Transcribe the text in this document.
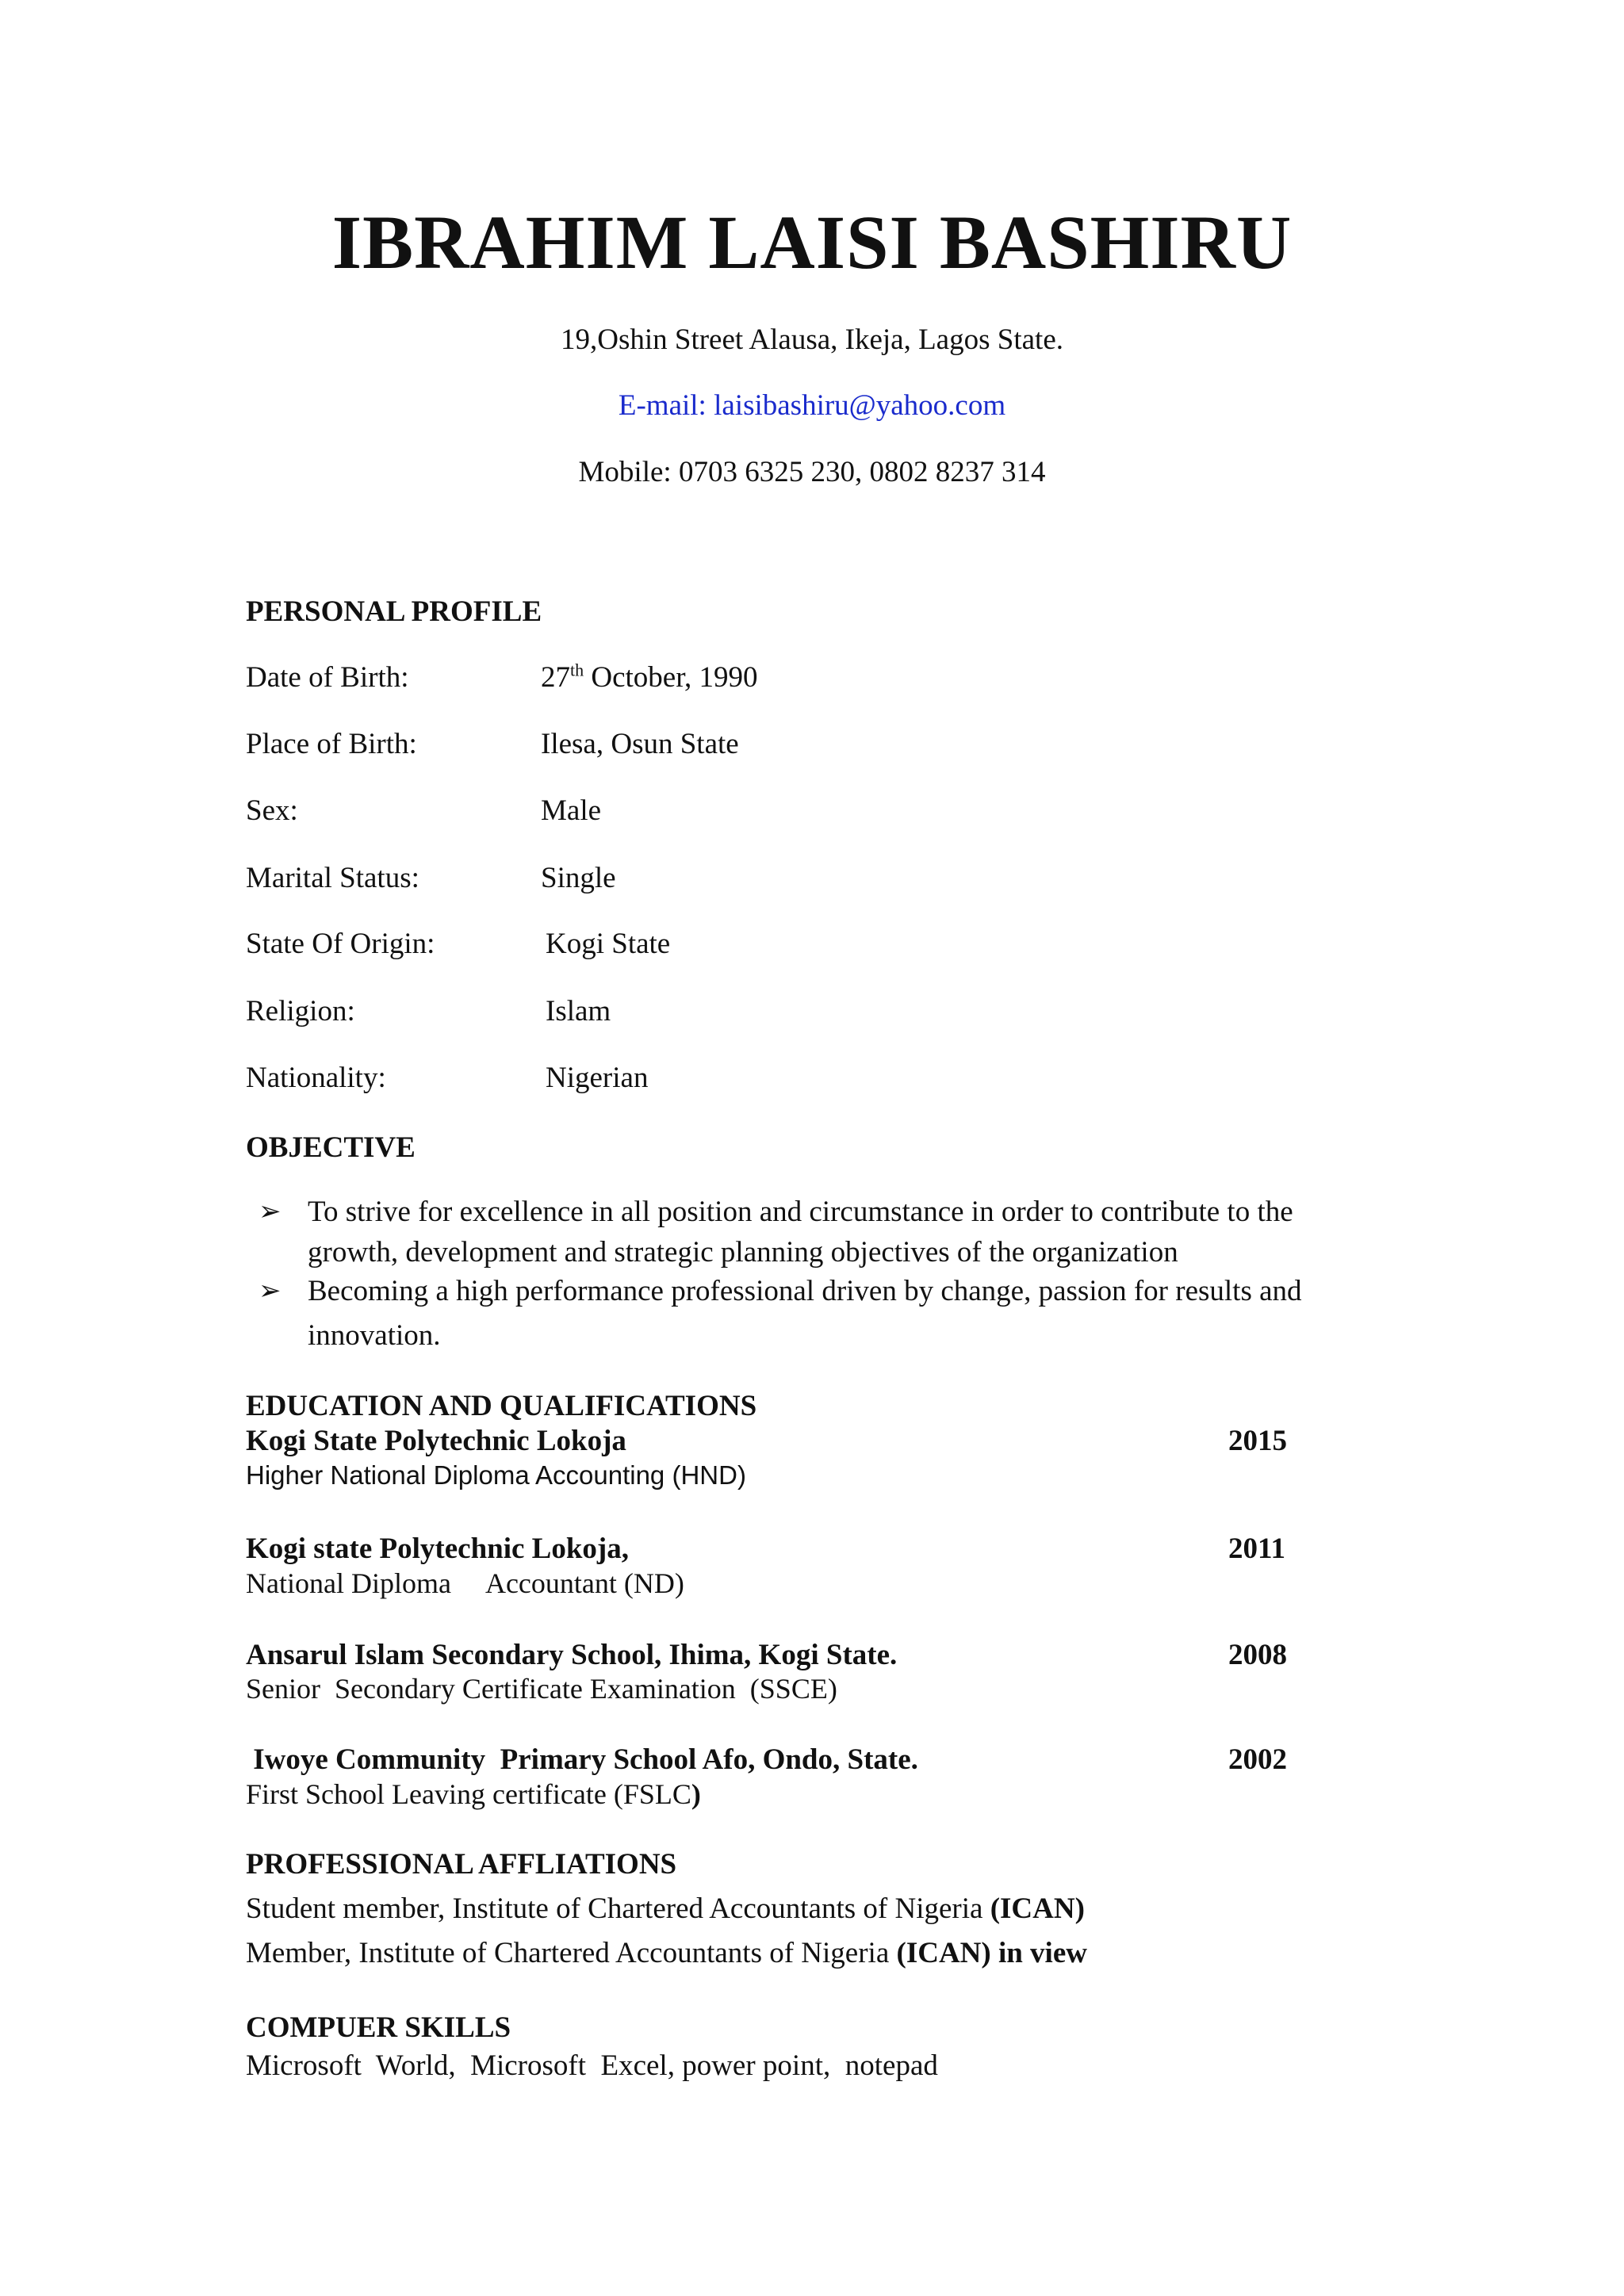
IBRAHIM LAISI BASHIRU
19,Oshin Street Alausa, Ikeja, Lagos State.
E-mail: laisibashiru@yahoo.com
Mobile: 0703 6325 230, 0802 8237 314
PERSONAL PROFILE
Date of Birth:	27th October, 1990
Place of Birth:	Ilesa, Osun State
Sex:	Male
Marital Status:	Single
State Of Origin:	Kogi State
Religion:	Islam
Nationality:	Nigerian
OBJECTIVE
➢ To strive for excellence in all position and circumstance in order to contribute to the
growth, development and strategic planning objectives of the organization
➢ Becoming a high performance professional driven by change, passion for results and
innovation.
EDUCATION AND QUALIFICATIONS
Kogi State Polytechnic Lokoja	2015
Higher National Diploma Accounting (HND)
Kogi state Polytechnic Lokoja,	2011
National Diploma     Accountant (ND)
Ansarul Islam Secondary School, Ihima, Kogi State.	2008
Senior  Secondary Certificate Examination  (SSCE)
Iwoye Community  Primary School Afo, Ondo, State.	2002
First School Leaving certificate (FSLC)
PROFESSIONAL AFFLIATIONS
Student member, Institute of Chartered Accountants of Nigeria (ICAN)
Member, Institute of Chartered Accountants of Nigeria (ICAN) in view
COMPUER SKILLS
Microsoft  World,  Microsoft  Excel, power point,  notepad
